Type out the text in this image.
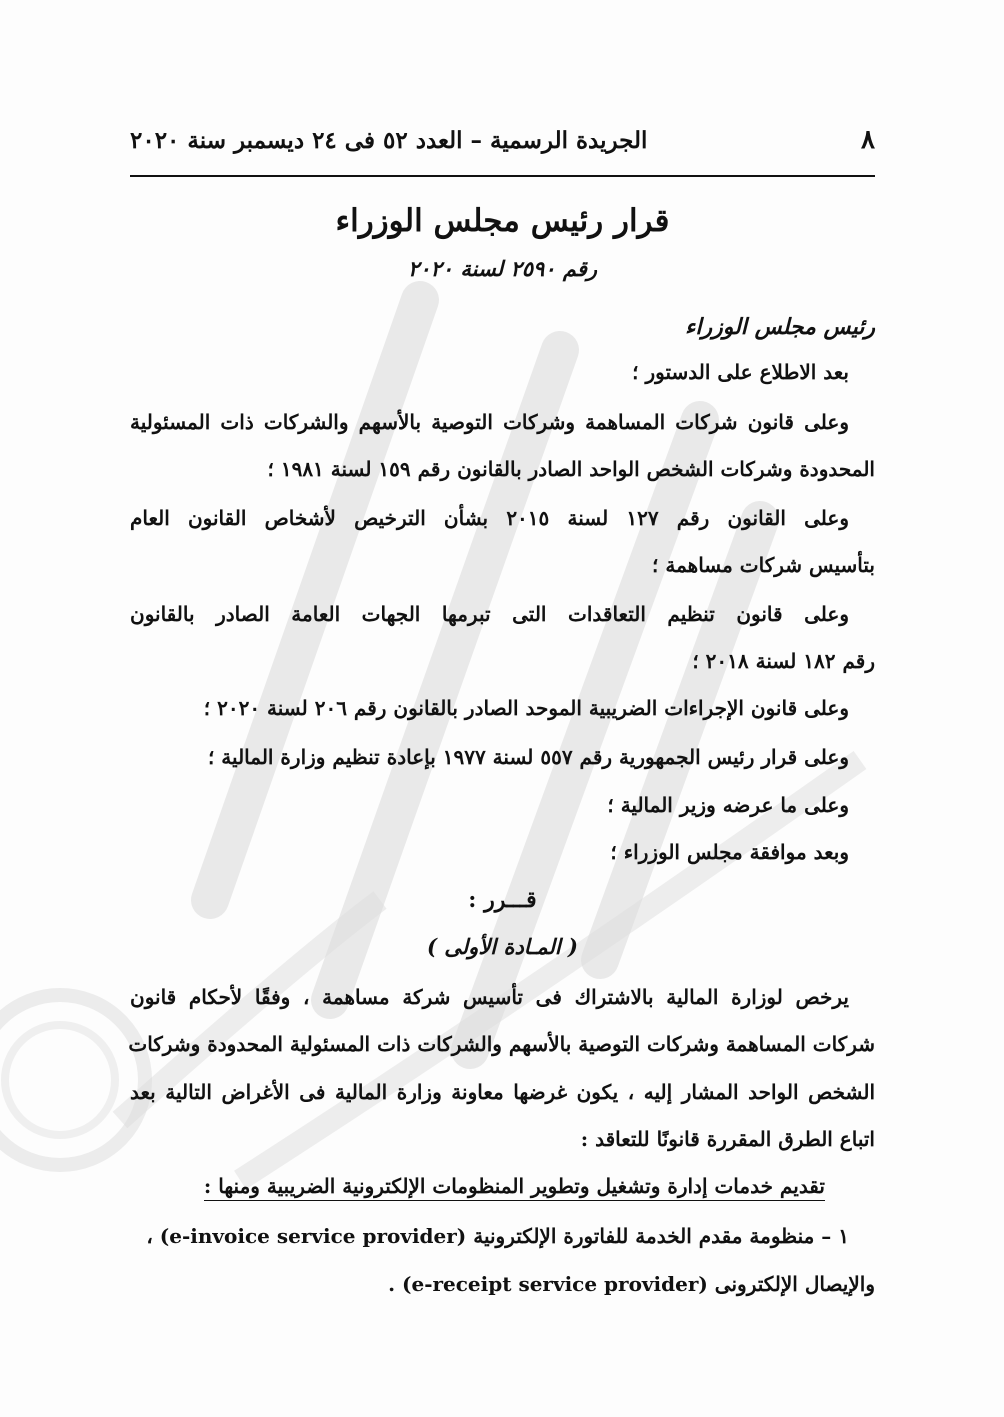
٨
الجريدة الرسمية – العدد ٥٢ فى ٢٤ ديسمبر سنة ٢٠٢٠
قرار رئيس مجلس الوزراء
رقم ٢٥٩٠ لسنة ٢٠٢٠
رئيس مجلس الوزراء
بعد الاطلاع على الدستور ؛
وعلى قانون شركات المساهمة وشركات التوصية بالأسهم والشركات ذات المسئولية
المحدودة وشركات الشخص الواحد الصادر بالقانون رقم ١٥٩ لسنة ١٩٨١ ؛
وعلى القانون رقم ١٢٧ لسنة ٢٠١٥ بشأن الترخيص لأشخاص القانون العام
بتأسيس شركات مساهمة ؛
وعلى قانون تنظيم التعاقدات التى تبرمها الجهات العامة الصادر بالقانون
رقم ١٨٢ لسنة ٢٠١٨ ؛
وعلى قانون الإجراءات الضريبية الموحد الصادر بالقانون رقم ٢٠٦ لسنة ٢٠٢٠ ؛
وعلى قرار رئيس الجمهورية رقم ٥٥٧ لسنة ١٩٧٧ بإعادة تنظيم وزارة المالية ؛
وعلى ما عرضه وزير المالية ؛
وبعد موافقة مجلس الوزراء ؛
قـــرر :
( المـادة الأولى )
يرخص لوزارة المالية بالاشتراك فى تأسيس شركة مساهمة ، وفقًا لأحكام قانون
شركات المساهمة وشركات التوصية بالأسهم والشركات ذات المسئولية المحدودة وشركات
الشخص الواحد المشار إليه ، يكون غرضها معاونة وزارة المالية فى الأغراض التالية بعد
اتباع الطرق المقررة قانونًا للتعاقد :
تقديم خدمات إدارة وتشغيل وتطوير المنظومات الإلكترونية الضريبية ومنها :
١ – منظومة مقدم الخدمة للفاتورة الإلكترونية (e-invoice service provider) ،
والإيصال الإلكترونى (e-receipt service provider) .
